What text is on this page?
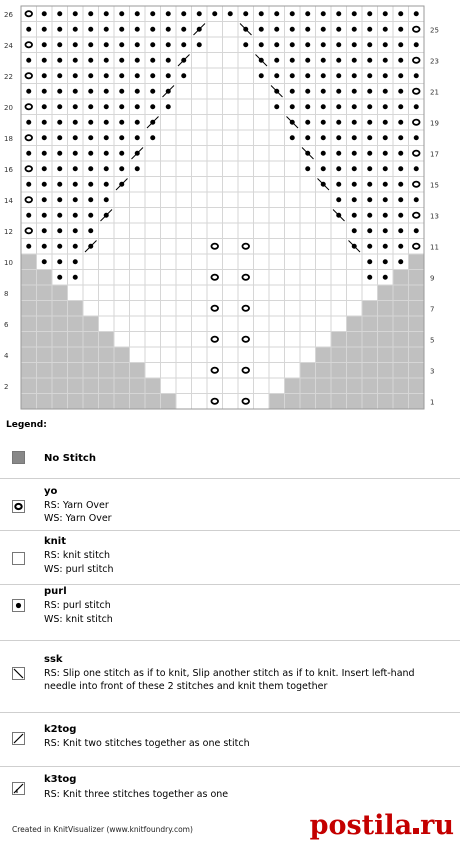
26
24
22
20
18
16
14
12
10
8
6
4
2
25
23
21
19
17
15
13
11
9
7
5
3
1
Legend:
No Stitch
yo
RS: Yarn Over
WS: Yarn Over
knit
RS: knit stitch
WS: purl stitch
purl
RS: purl stitch
WS: knit stitch
ssk
RS: Slip one stitch as if to knit, Slip another stitch as if to knit. Insert left-hand needle into front of these 2 stitches and knit them together
k2tog
RS: Knit two stitches together as one stitch
k3tog
RS: Knit three stitches together as one
Created in KnitVisualizer (www.knitfoundry.com)	postila ru
